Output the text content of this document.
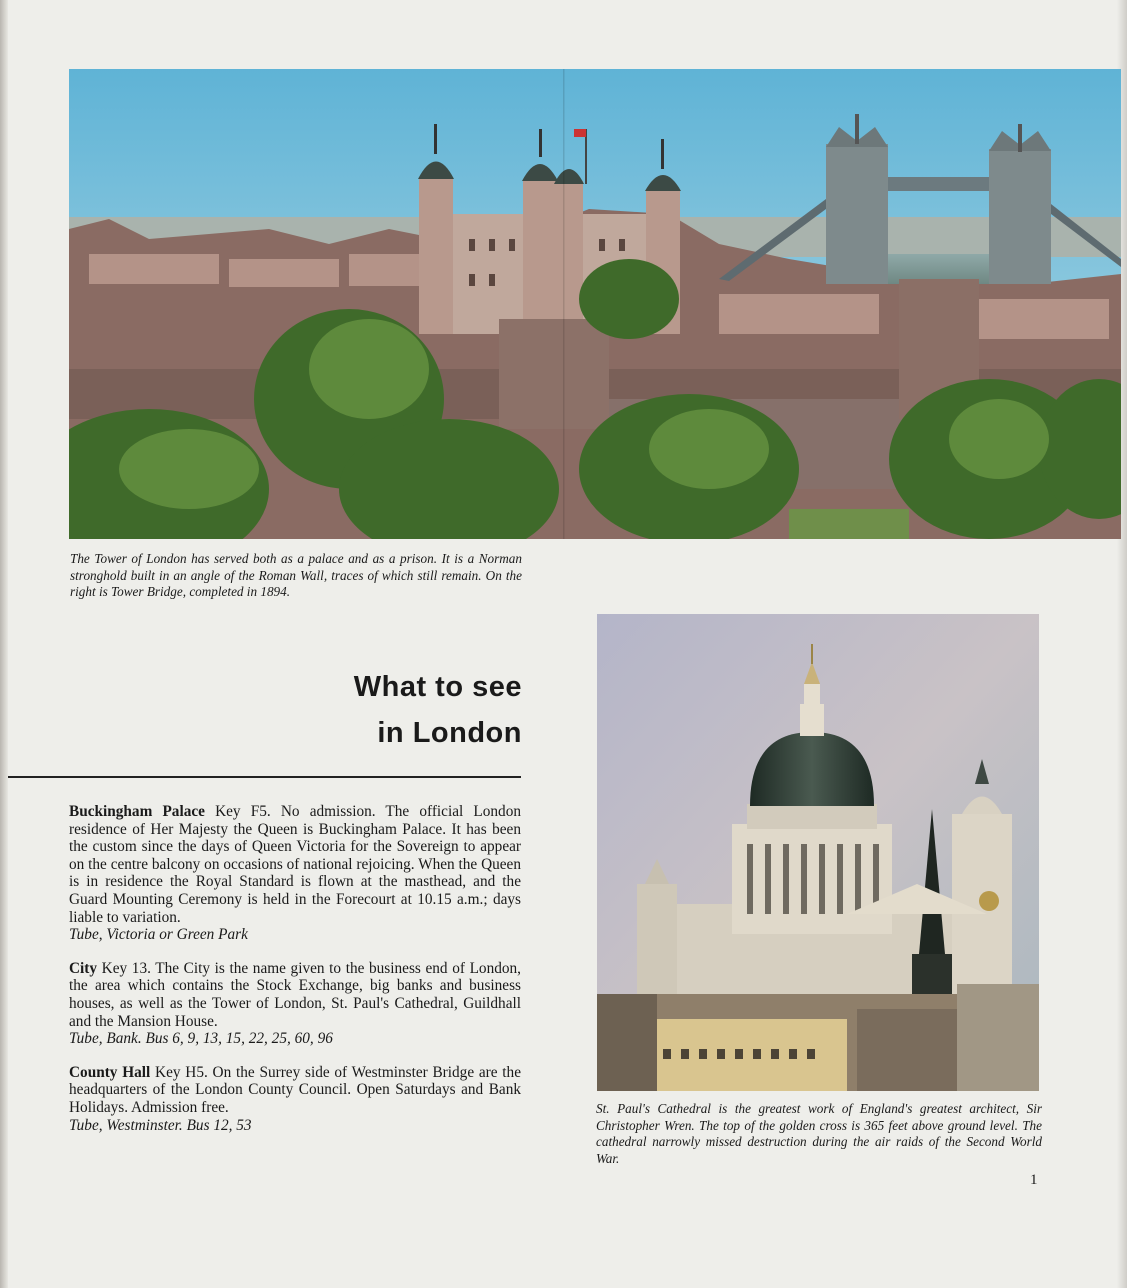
The Tower of London has served both as a palace and as a prison. It is a Norman stronghold built in an angle of the Roman Wall, traces of which still remain. On the right is Tower Bridge, completed in 1894.
What to see
in London

Buckingham Palace Key F5. No admission. The official London residence of Her Majesty the Queen is Buckingham Palace. It has been the custom since the days of Queen Victoria for the Sovereign to appear on the centre balcony on occasions of national rejoicing. When the Queen is in residence the Royal Standard is flown at the masthead, and the Guard Mounting Ceremony is held in the Forecourt at 10.15 a.m.; days liable to variation.

Tube, Victoria or Green Park

City Key 13. The City is the name given to the business end of London, the area which contains the Stock Exchange, big banks and business houses, as well as the Tower of London, St. Paul's Cathedral, Guildhall and the Mansion House.

Tube, Bank. Bus 6, 9, 13, 15, 22, 25, 60, 96

County Hall Key H5. On the Surrey side of Westminster Bridge are the headquarters of the London County Council. Open Saturdays and Bank Holidays. Admission free.

Tube, Westminster. Bus 12, 53

St. Paul's Cathedral is the greatest work of England's greatest architect, Sir Christopher Wren. The top of the golden cross is 365 feet above ground level. The cathedral narrowly missed destruction during the air raids of the Second World War.
1
